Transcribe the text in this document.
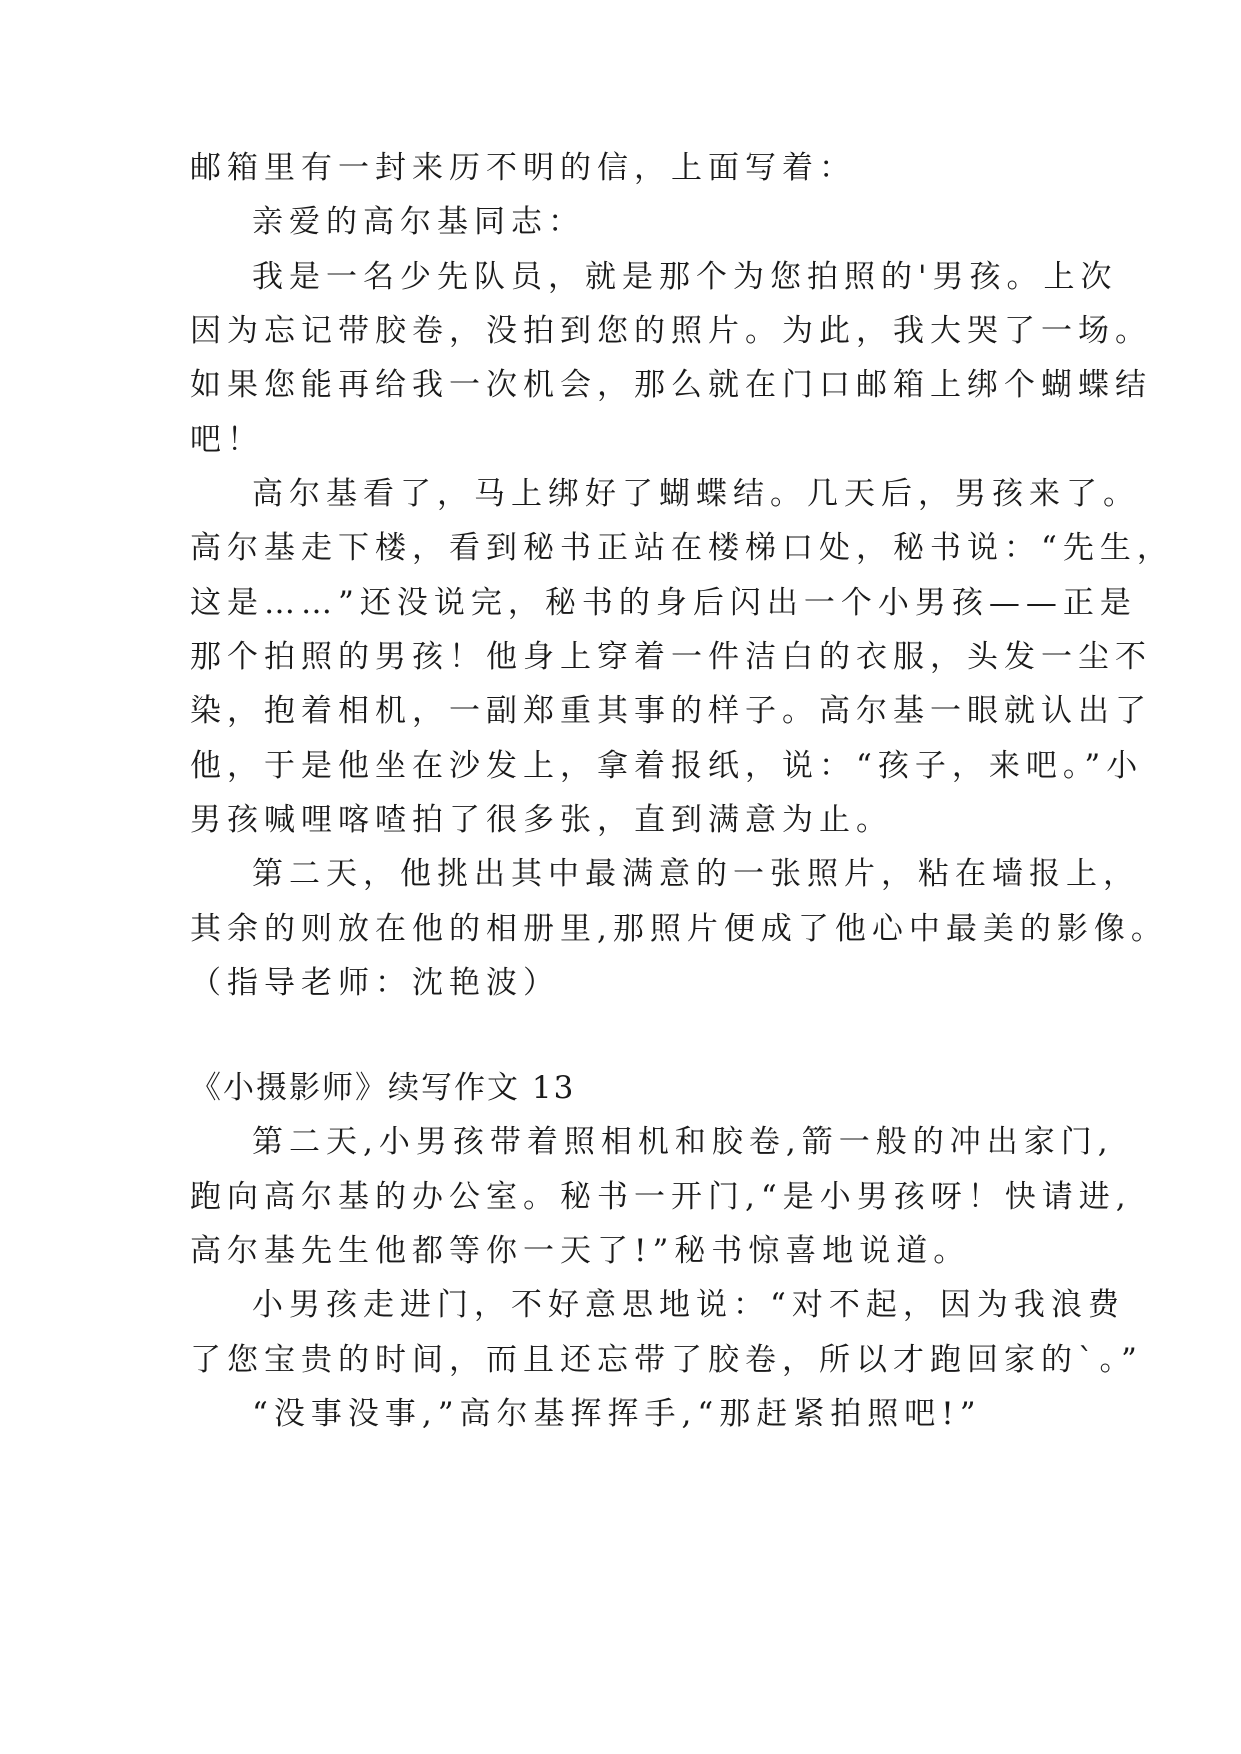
邮箱里有一封来历不明的信，上面写着：
亲爱的高尔基同志：
我是一名少先队员，就是那个为您拍照的'男孩。上次
因为忘记带胶卷，没拍到您的照片。为此，我大哭了一场。
如果您能再给我一次机会，那么就在门口邮箱上绑个蝴蝶结
吧！
高尔基看了，马上绑好了蝴蝶结。几天后，男孩来了。
高尔基走下楼，看到秘书正站在楼梯口处，秘书说：“先生，
这是……”还没说完，秘书的身后闪出一个小男孩——正是
那个拍照的男孩！他身上穿着一件洁白的衣服，头发一尘不
染，抱着相机，一副郑重其事的样子。高尔基一眼就认出了
他，于是他坐在沙发上，拿着报纸，说：“孩子，来吧。”小
男孩喊哩喀喳拍了很多张，直到满意为止。
第二天，他挑出其中最满意的一张照片，粘在墙报上，
其余的则放在他的相册里,那照片便成了他心中最美的影像。
（指导老师：沈艳波）
《小摄影师》续写作文 13
第二天,小男孩带着照相机和胶卷,箭一般的冲出家门,
跑向高尔基的办公室。秘书一开门,“是小男孩呀！快请进,
高尔基先生他都等你一天了!”秘书惊喜地说道。
小男孩走进门，不好意思地说：“对不起，因为我浪费
了您宝贵的时间，而且还忘带了胶卷，所以才跑回家的`。”
“没事没事,”高尔基挥挥手,“那赶紧拍照吧!”
